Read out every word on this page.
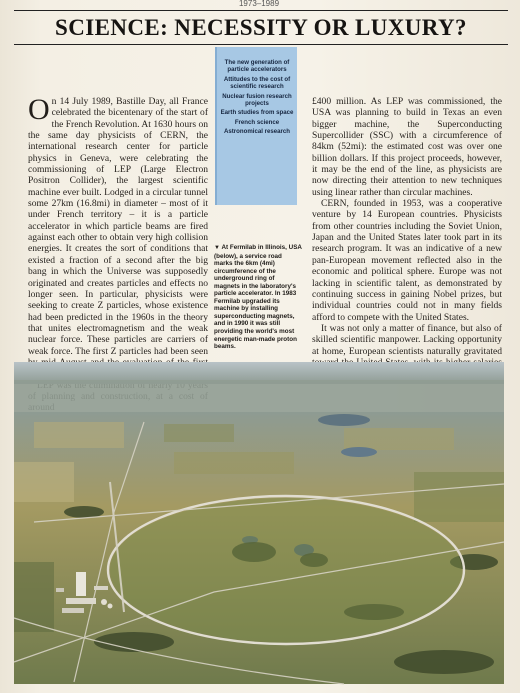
1973–1989
SCIENCE: NECESSITY OR LUXURY?
The new generation of particle accelerators
Attitudes to the cost of scientific research
Nuclear fusion research projects
Earth studies from space
French science
Astronomical research

On 14 July 1989, Bastille Day, all France celebrated the bicentenary of the start of the French Revolution. At 1630 hours on the same day physicists of CERN, the international research center for particle physics in Geneva, were celebrating the commissioning of LEP (Large Electron Positron Collider), the largest scientific machine ever built. Lodged in a circular tunnel some 27km (16.8mi) in diameter – most of it under French territory – it is a particle accelerator in which particle beams are fired against each other to obtain very high collision energies. It creates the sort of conditions that existed a fraction of a second after the big bang in which the Universe was supposedly originated and creates particles and effects no longer seen. In particular, physicists were seeking to create Z particles, whose existence had been predicted in the 1960s in the theory that unites electromagnetism and the weak nuclear force. These particles are carriers of weak force. The first Z particles had been seen

▼ At Fermilab in Illinois, USA (below), a service road marks the 6km (4mi) circumference of the underground ring of magnets in the laboratory's particle accelerator. In 1983 Fermilab upgraded its machine by installing superconducting magnets, and in 1990 it was still providing the world's most energetic man-made proton beams.

£400 million. As LEP was commissioned, the USA was planning to build in Texas an even bigger machine, the Superconducting Supercollider (SSC) with a circumference of 84km (52mi): the estimated cost was over one billion dollars. If this project proceeds, however, it may be the end of the line, as physicists are now directing their attention to new techniques using linear rather than circular machines.

CERN, founded in 1953, was a cooperative venture by 14 European countries. Physicists from other countries including the Soviet Union, Japan and the United States later took part in its research program. It was an indicative of a new pan-European movement reflected also in the economic and political sphere. Europe was not lacking in scientific talent, as demonstrated by continuing success in gaining Nobel prizes, but individual countries could not in many fields afford to compete with the United States.

It was not only a matter of finance, but also of skilled scientific manpower. Lacking opportunity at home, European scientists naturally gravitated
